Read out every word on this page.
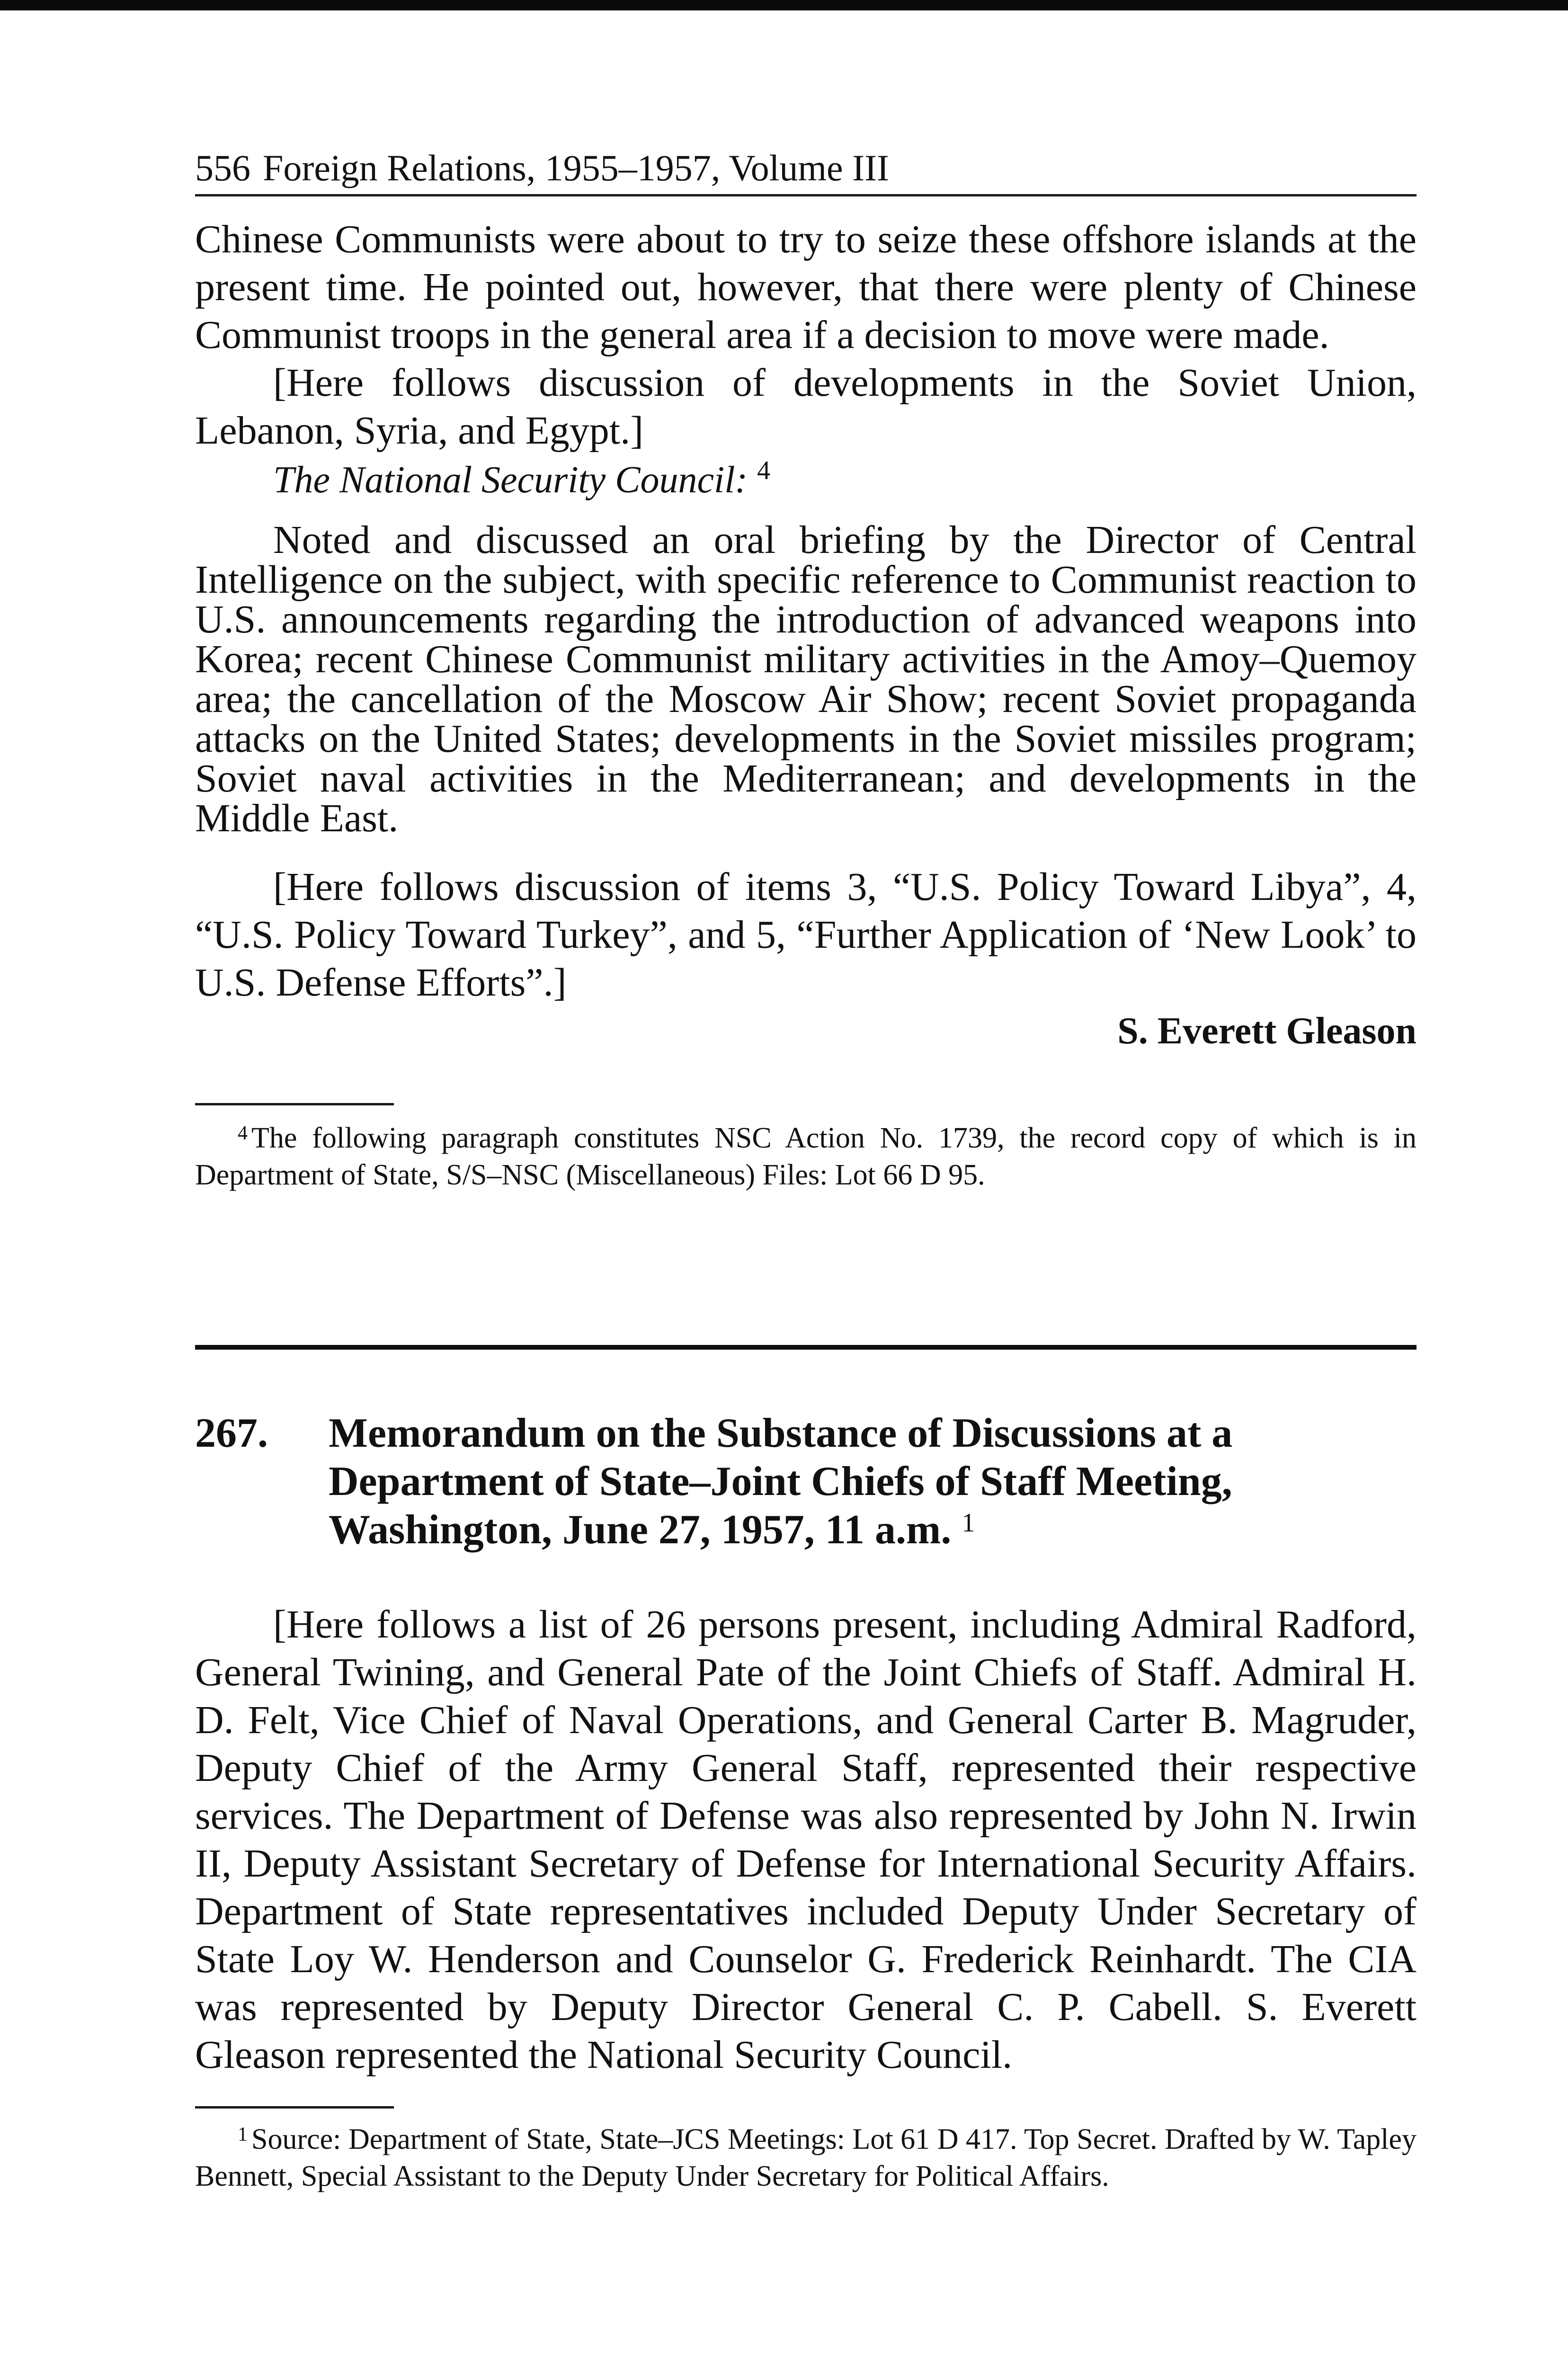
556 Foreign Relations, 1955–1957, Volume III

Chinese Communists were about to try to seize these offshore islands at the present time. He pointed out, however, that there were plenty of Chinese Communist troops in the general area if a decision to move were made.

[Here follows discussion of developments in the Soviet Union, Lebanon, Syria, and Egypt.]

The National Security Council: $^4$

Noted and discussed an oral briefing by the Director of Central Intelligence on the subject, with specific reference to Communist reaction to U.S. announcements regarding the introduction of advanced weapons into Korea; recent Chinese Communist military activities in the Amoy–Quemoy area; the cancellation of the Moscow Air Show; recent Soviet propaganda attacks on the United States; developments in the Soviet missiles program; Soviet naval activities in the Mediterranean; and developments in the Middle East.

[Here follows discussion of items 3, “U.S. Policy Toward Libya”, 4, “U.S. Policy Toward Turkey”, and 5, “Further Application of ‘New Look’ to U.S. Defense Efforts”.]

S. Everett Gleason

$^4$ The following paragraph constitutes NSC Action No. 1739, the record copy of which is in Department of State, S/S–NSC (Miscellaneous) Files: Lot 66 D 95.

267.	Memorandum on the Substance of Discussions at a Department of State–Joint Chiefs of Staff Meeting, Washington, June 27, 1957, 11 a.m. $^1$

[Here follows a list of 26 persons present, including Admiral Radford, General Twining, and General Pate of the Joint Chiefs of Staff. Admiral H. D. Felt, Vice Chief of Naval Operations, and General Carter B. Magruder, Deputy Chief of the Army General Staff, represented their respective services. The Department of Defense was also represented by John N. Irwin II, Deputy Assistant Secretary of Defense for International Security Affairs. Department of State representatives included Deputy Under Secretary of State Loy W. Henderson and Counselor G. Frederick Reinhardt. The CIA was represented by Deputy Director General C. P. Cabell. S. Everett Gleason represented the National Security Council.

$^1$ Source: Department of State, State–JCS Meetings: Lot 61 D 417. Top Secret. Drafted by W. Tapley Bennett, Special Assistant to the Deputy Under Secretary for Political Affairs.
